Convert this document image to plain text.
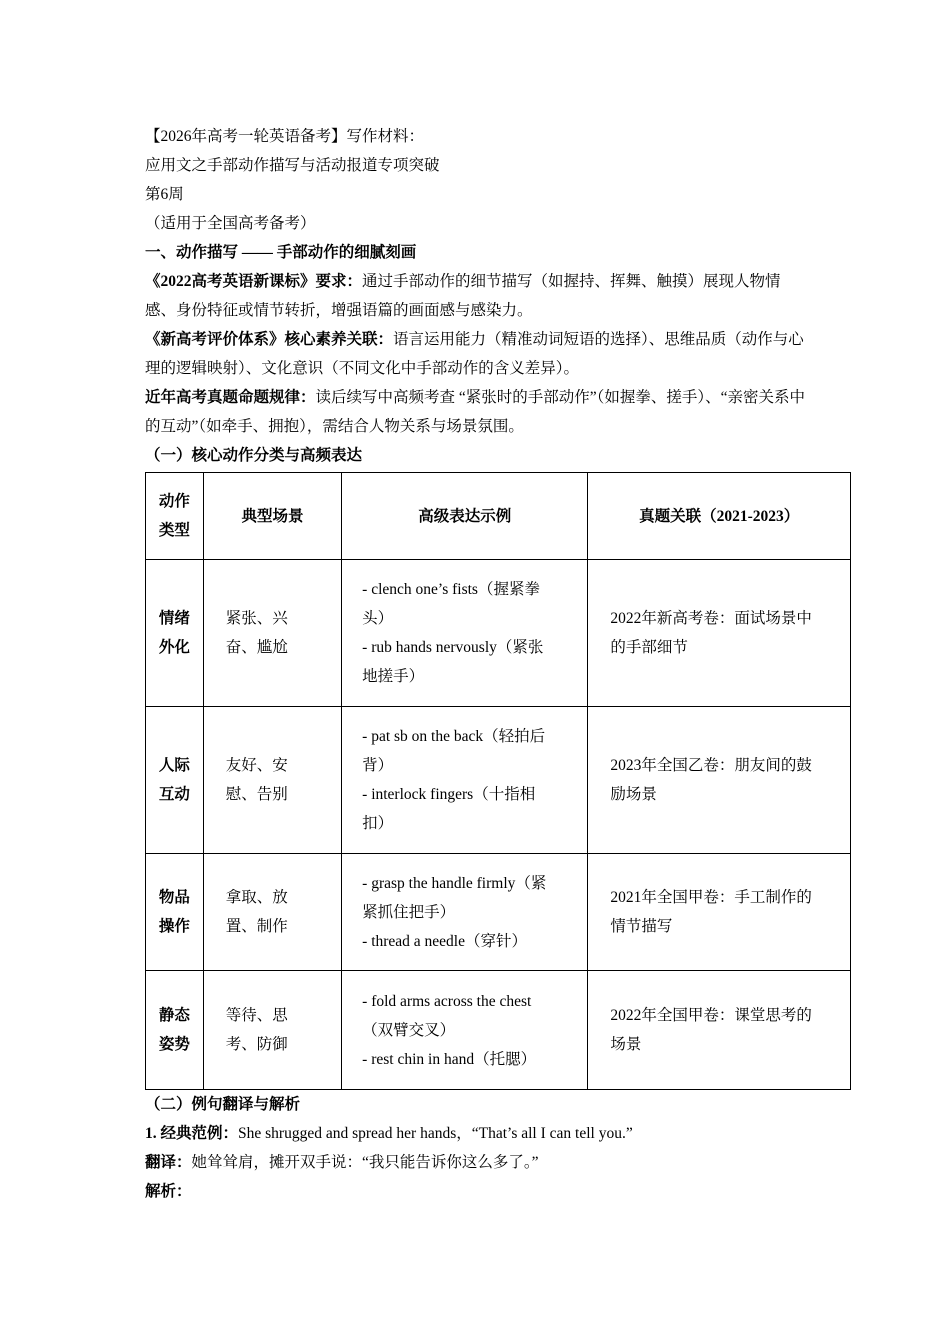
【2026年高考一轮英语备考】写作材料：
应用文之手部动作描写与活动报道专项突破
第6周
（适用于全国高考备考）
一、动作描写 —— 手部动作的细腻刻画
《2022高考英语新课标》要求：通过手部动作的细节描写（如握持、挥舞、触摸）展现人物情感、身份特征或情节转折，增强语篇的画面感与感染力。
《新高考评价体系》核心素养关联：语言运用能力（精准动词短语的选择）、思维品质（动作与心理的逻辑映射）、文化意识（不同文化中手部动作的含义差异）。
近年高考真题命题规律：读后续写中高频考查 “紧张时的手部动作”（如握拳、搓手）、“亲密关系中的互动”（如牵手、拥抱），需结合人物关系与场景氛围。
（一）核心动作分类与高频表达
动作类型	典型场景	高级表达示例	真题关联（2021-2023）

情绪外化	紧张、兴奋、尴尬	- clench one’s fists（握紧拳头）
- rub hands nervously（紧张地搓手）	2022年新高考卷：面试场景中的手部细节

人际互动	友好、安慰、告别	- pat sb on the back（轻拍后背）
- interlock fingers（十指相扣）	2023年全国乙卷：朋友间的鼓励场景

物品操作	拿取、放置、制作	- grasp the handle firmly（紧紧抓住把手）
- thread a needle（穿针）	2021年全国甲卷：手工制作的情节描写

静态姿势	等待、思考、防御	- fold arms across the chest（双臂交叉）
- rest chin in hand（托腮）	2022年全国甲卷：课堂思考的场景
（二）例句翻译与解析
1. 经典范例：She shrugged and spread her hands，“That’s all I can tell you.”
翻译：她耸耸肩，摊开双手说：“我只能告诉你这么多了。”
解析：
